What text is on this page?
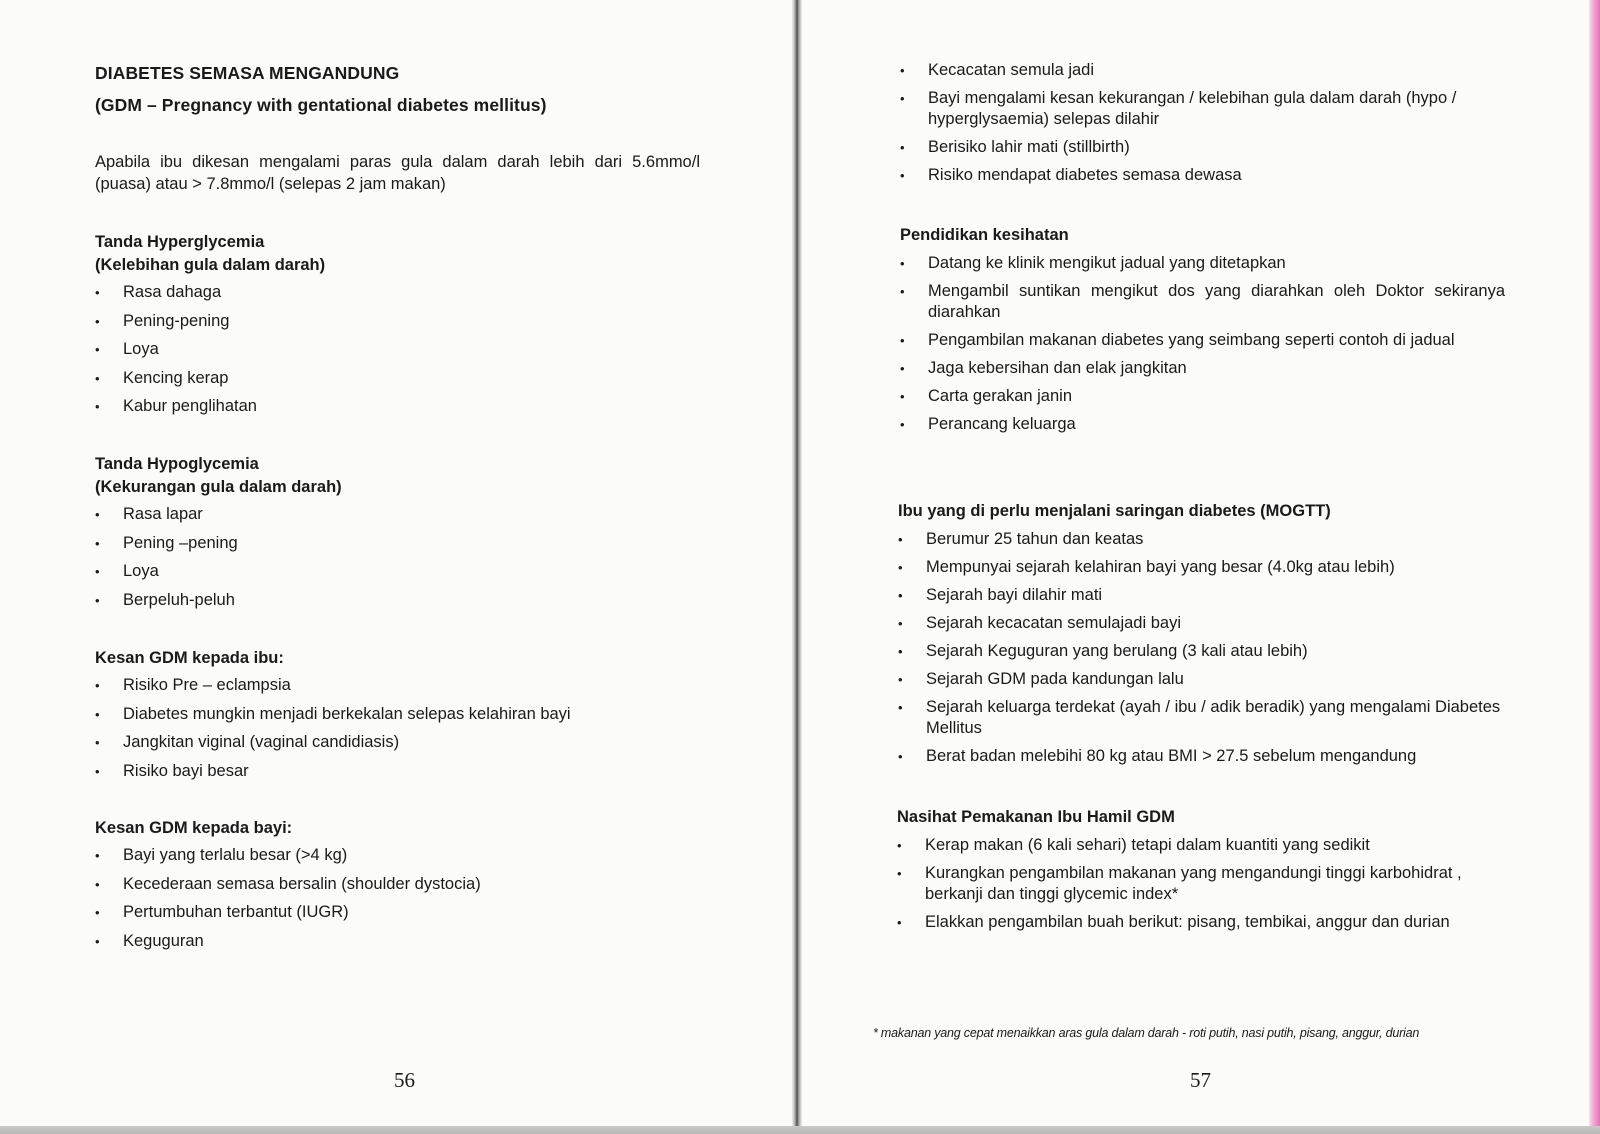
DIABETES SEMASA MENGANDUNG

(GDM – Pregnancy with gentational diabetes mellitus)

Apabila ibu dikesan mengalami paras gula dalam darah lebih dari 5.6mmo/l (puasa) atau > 7.8mmo/l (selepas 2 jam makan)

Tanda Hyperglycemia

(Kelebihan gula dalam darah)

• Rasa dahaga
• Pening-pening
• Loya
• Kencing kerap
• Kabur penglihatan

Tanda Hypoglycemia

(Kekurangan gula dalam darah)

• Rasa lapar
• Pening –pening
• Loya
• Berpeluh-peluh

Kesan GDM kepada ibu:

• Risiko Pre – eclampsia
• Diabetes mungkin menjadi berkekalan selepas kelahiran bayi
• Jangkitan viginal (vaginal candidiasis)
• Risiko bayi besar

Kesan GDM kepada bayi:

• Bayi yang terlalu besar (>4 kg)
• Kecederaan semasa bersalin (shoulder dystocia)
• Pertumbuhan terbantut (IUGR)
• Keguguran

56

• Kecacatan semula jadi
• Bayi mengalami kesan kekurangan / kelebihan gula dalam darah (hypo / hyperglysaemia) selepas dilahir
• Berisiko lahir mati (stillbirth)
• Risiko mendapat diabetes semasa dewasa

Pendidikan kesihatan

• Datang ke klinik mengikut jadual yang ditetapkan
• Mengambil suntikan mengikut dos yang diarahkan oleh Doktor sekiranya diarahkan
• Pengambilan makanan diabetes yang seimbang seperti contoh di jadual
• Jaga kebersihan dan elak jangkitan
• Carta gerakan janin
• Perancang keluarga

Ibu yang di perlu menjalani saringan diabetes (MOGTT)

• Berumur 25 tahun dan keatas
• Mempunyai sejarah kelahiran bayi yang besar (4.0kg atau lebih)
• Sejarah bayi dilahir mati
• Sejarah kecacatan semulajadi bayi
• Sejarah Keguguran yang berulang (3 kali atau lebih)
• Sejarah GDM pada kandungan lalu
• Sejarah keluarga terdekat (ayah / ibu / adik beradik) yang mengalami Diabetes Mellitus
• Berat badan melebihi 80 kg atau BMI > 27.5 sebelum mengandung

Nasihat Pemakanan Ibu Hamil GDM

• Kerap makan (6 kali sehari) tetapi dalam kuantiti yang sedikit
• Kurangkan pengambilan makanan yang mengandungi tinggi karbohidrat , berkanji dan tinggi glycemic index*
• Elakkan pengambilan buah berikut: pisang, tembikai, anggur dan durian

* makanan yang cepat menaikkan aras gula dalam darah - roti putih, nasi putih, pisang, anggur, durian

57
